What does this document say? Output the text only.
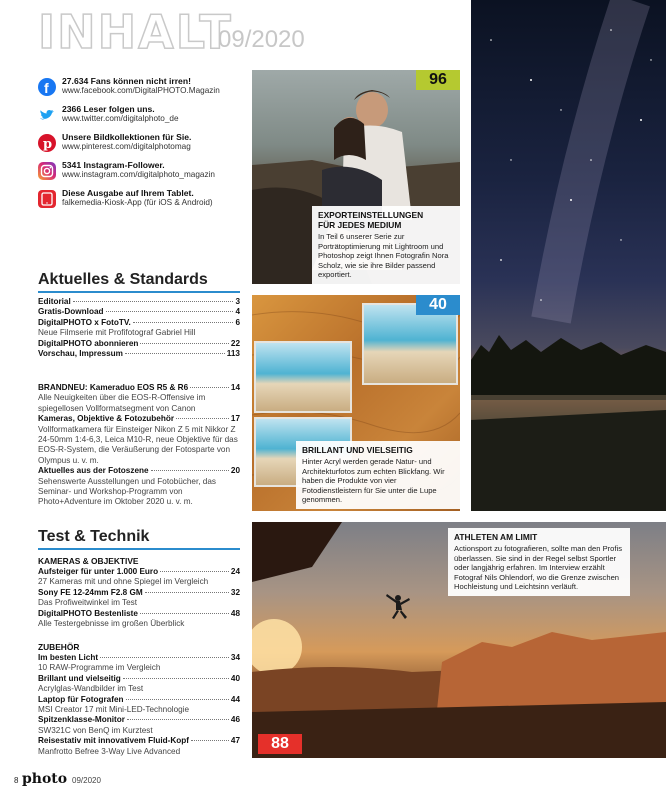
INHALT
09/2020
f 27.634 Fans können nicht irren!
www.facebook.com/DigitalPHOTO.Magazin
2366 Leser folgen uns.
www.twitter.com/digitalphoto_de
p Unsere Bildkollektionen für Sie.
www.pinterest.com/digitalphotomag
5341 Instagram-Follower.
www.instagram.com/digitalphoto_magazin
Diese Ausgabe auf Ihrem Tablet.
falkemedia-Kiosk-App (für iOS & Android)
Aktuelles & Standards
Editorial	3
Gratis-Download	4
DigitalPHOTO x FotoTV.	6
Neue Filmserie mit Profifotograf Gabriel Hill
DigitalPHOTO abonnieren	22
Vorschau, Impressum	113
BRANDNEU: Kameraduo EOS R5 & R6	14
Alle Neuigkeiten über die EOS-R-Offensive im spiegellosen Vollformatsegment von Canon
Kameras, Objektive & Fotozubehör	17
Vollformatkamera für Einsteiger Nikon Z 5 mit Nikkor Z 24-50mm 1:4-6,3, Leica M10-R, neue Objektive für das EOS-R-System, die Veräußerung der Fotosparte von Olympus u. v. m.
Aktuelles aus der Fotoszene	20
Sehenswerte Ausstellungen und Fotobücher, das Seminar- und Workshop-Programm von Photo+Adventure im Oktober 2020 u. v. m.
Test & Technik
KAMERAS & OBJEKTIVE
Aufsteiger für unter 1.000 Euro	24
27 Kameras mit und ohne Spiegel im Vergleich
Sony FE 12-24mm F2.8 GM	32
Das Profiweitwinkel im Test
DigitalPHOTO Bestenliste	48
Alle Testergebnisse im großen Überblick
ZUBEHÖR
Im besten Licht	34
10 RAW-Programme im Vergleich
Brillant und vielseitig	40
Acrylglas-Wandbilder im Test
Laptop für Fotografen	44
MSI Creator 17 mit Mini-LED-Technologie
Spitzenklasse-Monitor	46
SW321C von BenQ im Kurztest
Reisestativ mit innovativem Fluid-Kopf	47
Manfrotto Befree 3-Way Live Advanced
96
EXPORTEINSTELLUNGEN
FÜR JEDES MEDIUM
In Teil 6 unserer Serie zur Porträtoptimierung mit Lightroom und Photoshop zeigt Ihnen Fotografin Nora Scholz, wie sie ihre Bilder passend exportiert.
40
BRILLANT UND VIELSEITIG
Hinter Acryl werden gerade Natur- und Architekturfotos zum echten Blickfang. Wir haben die Produkte von vier Fotodienstleistern für Sie unter die Lupe genommen.
ATHLETEN AM LIMIT
Actionsport zu fotografieren, sollte man den Profis überlassen. Sie sind in der Regel selbst Sportler oder langjährig erfahren. Im Interview erzählt Fotograf Nils Ohlendorf, wo die Grenze zwischen Hochleistung und Leichtsinn verläuft.
88
8 photo 09/2020
